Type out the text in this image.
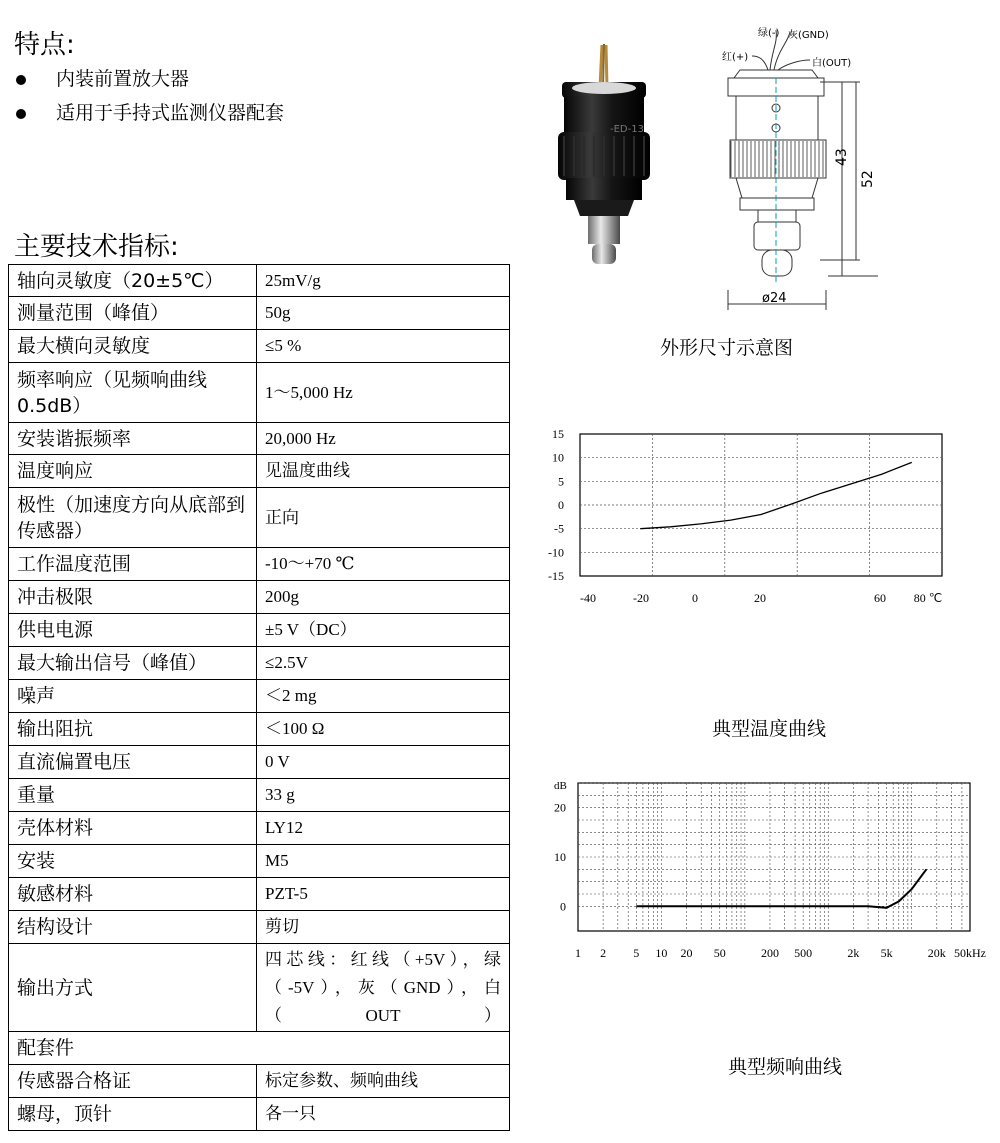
特点:
内装前置放大器
适用于手持式监测仪器配套
主要技术指标:
轴向灵敏度（20±5℃）	25mV/g
测量范围（峰值）	50g
最大横向灵敏度	≤5 %
频率响应（见频响曲线 0.5dB）	1～5,000 Hz
安装谐振频率	20,000 Hz
温度响应	见温度曲线
极性（加速度方向从底部到传感器）	正向
工作温度范围	-10～+70 ℃
冲击极限	200g
供电电源	±5 V（DC）
最大输出信号（峰值）	≤2.5V
噪声	＜2 mg
输出阻抗	＜100 Ω
直流偏置电压	0 V
重量	33 g
壳体材料	LY12
安装	M5
敏感材料	PZT-5
结构设计	剪切
输出方式	四芯线：红线（+5V），绿（-5V），灰（GND），白（OUT）
配套件	
传感器合格证	标定参数、频响曲线
螺母，顶针	各一只
-ED-13
绿(-) 灰(GND)
红(+)
白(OUT)
43
52
ø24
外形尺寸示意图
15
10
5
0
-5
-10
-15
-40	-20	0	20	60 80 ℃
典型温度曲线
dB
20
10
0
1 2 5 10 20 50	200 500	2k 5k	20k 50kHz
典型频响曲线
